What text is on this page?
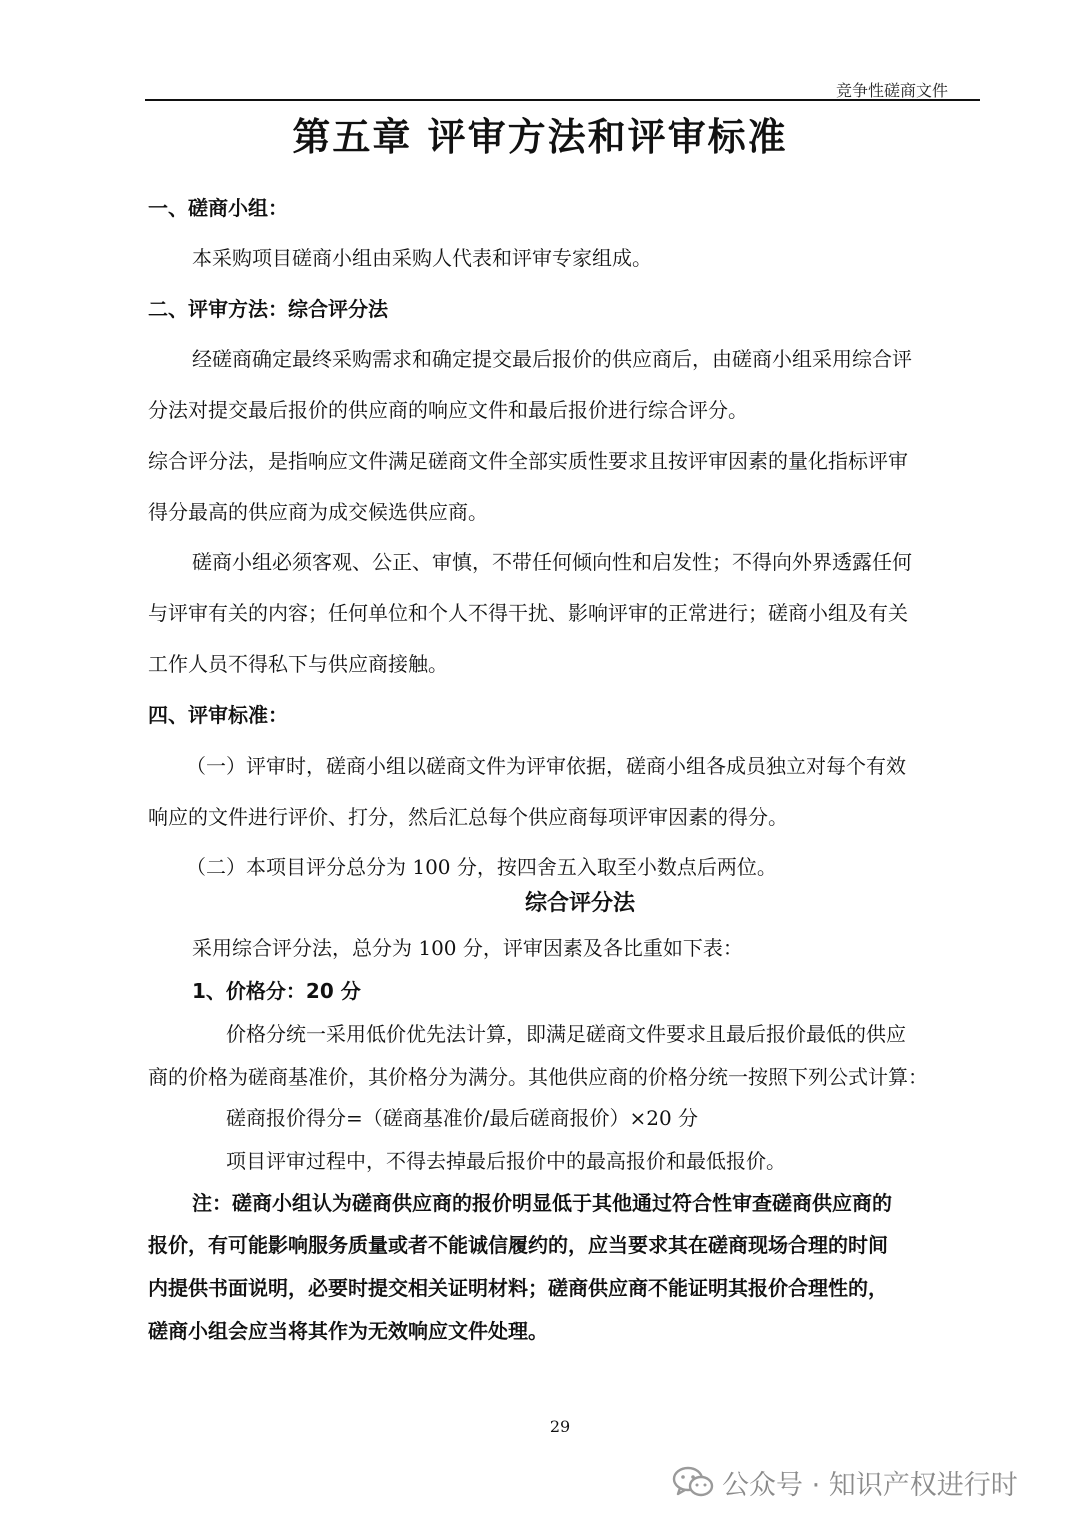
竞争性磋商文件
第五章 评审方法和评审标准
一、磋商小组：
本采购项目磋商小组由采购人代表和评审专家组成。
二、评审方法：综合评分法
经磋商确定最终采购需求和确定提交最后报价的供应商后，由磋商小组采用综合评
分法对提交最后报价的供应商的响应文件和最后报价进行综合评分。
综合评分法，是指响应文件满足磋商文件全部实质性要求且按评审因素的量化指标评审
得分最高的供应商为成交候选供应商。
磋商小组必须客观、公正、审慎，不带任何倾向性和启发性；不得向外界透露任何
与评审有关的内容；任何单位和个人不得干扰、影响评审的正常进行；磋商小组及有关
工作人员不得私下与供应商接触。
四、评审标准：
（一）评审时，磋商小组以磋商文件为评审依据，磋商小组各成员独立对每个有效
响应的文件进行评价、打分，然后汇总每个供应商每项评审因素的得分。
（二）本项目评分总分为 100 分，按四舍五入取至小数点后两位。
综合评分法
采用综合评分法，总分为 100 分，评审因素及各比重如下表：
1、价格分：20 分
价格分统一采用低价优先法计算，即满足磋商文件要求且最后报价最低的供应
商的价格为磋商基准价，其价格分为满分。其他供应商的价格分统一按照下列公式计算：
磋商报价得分=（磋商基准价/最后磋商报价）×20 分
项目评审过程中，不得去掉最后报价中的最高报价和最低报价。
注：磋商小组认为磋商供应商的报价明显低于其他通过符合性审查磋商供应商的
报价，有可能影响服务质量或者不能诚信履约的，应当要求其在磋商现场合理的时间
内提供书面说明，必要时提交相关证明材料；磋商供应商不能证明其报价合理性的，
磋商小组会应当将其作为无效响应文件处理。
29
公众号 · 知识产权进行时
